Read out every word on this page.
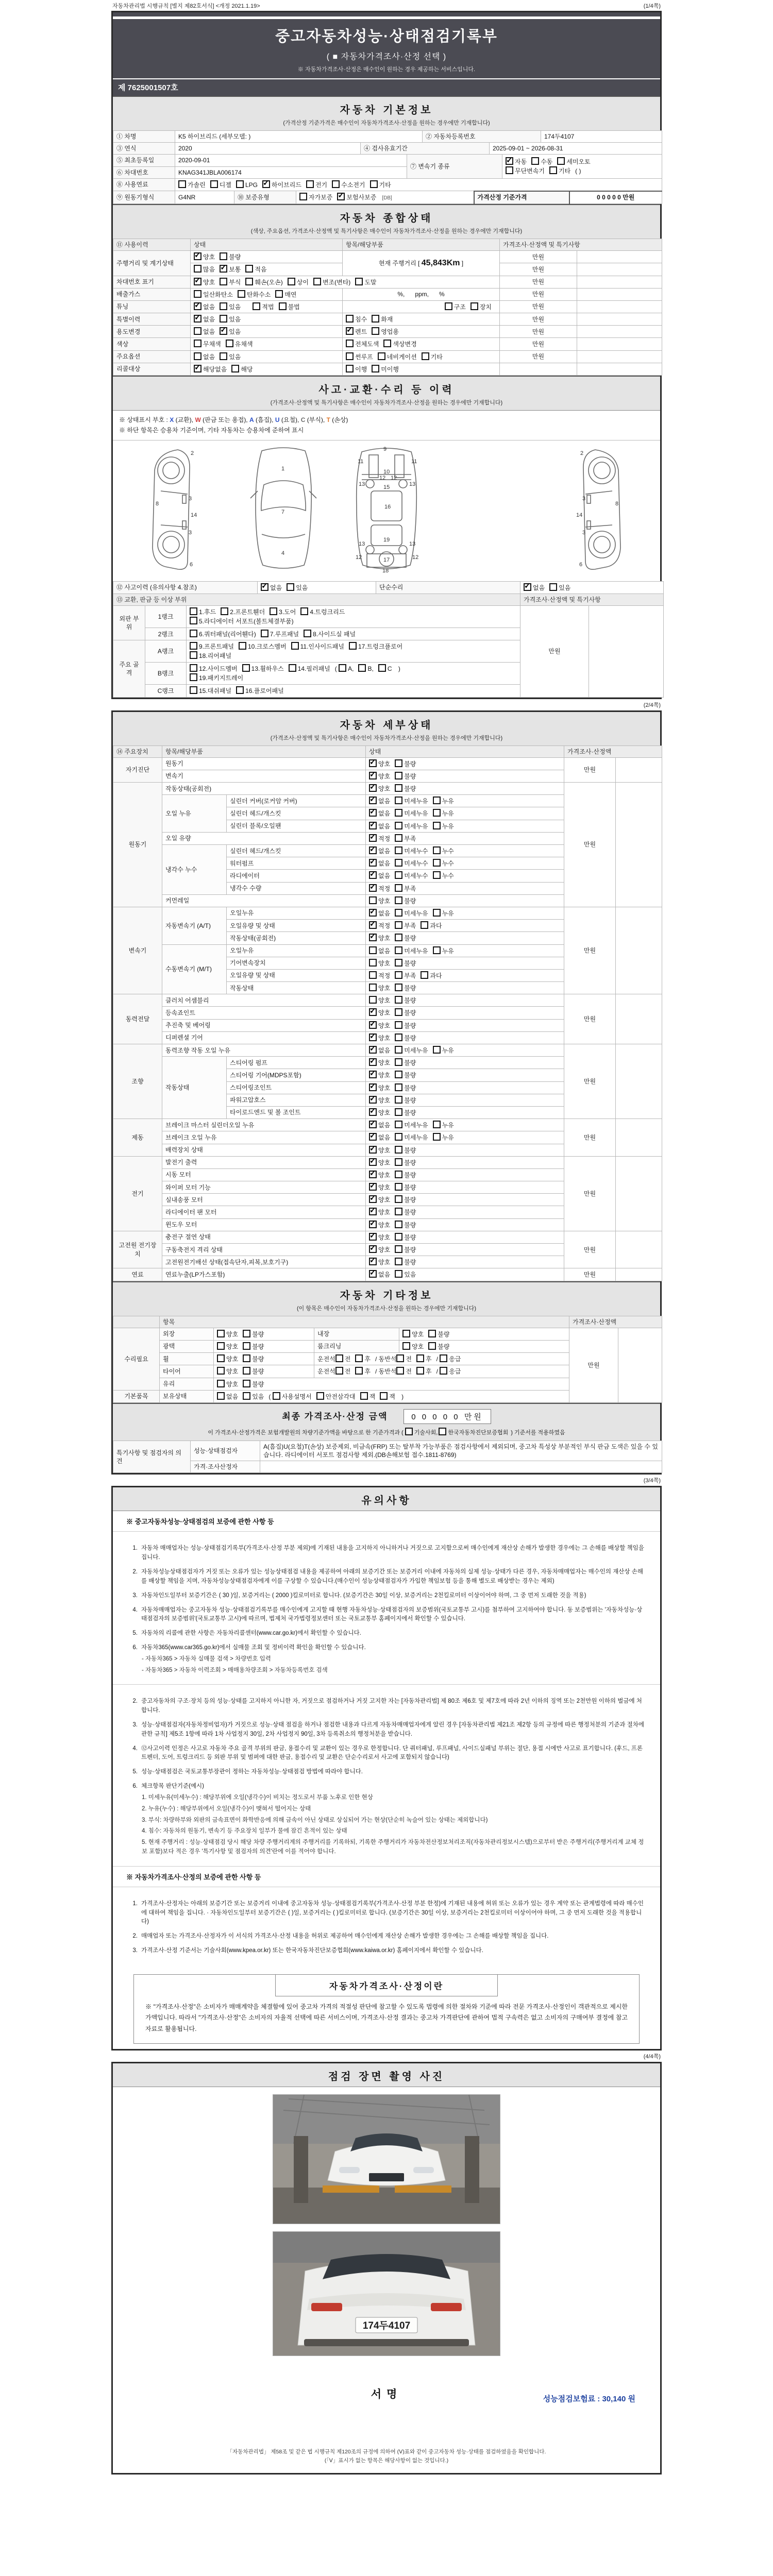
자동차관리법 시행규칙 [별지 제82호서식] <개정 2021.1.19>	(1/4쪽)
중고자동차성능·상태점검기록부
( ■ 자동차가격조사·산정 선택 )
※ 자동차가격조사·산정은 매수인이 원하는 경우 제공하는 서비스입니다.
제 7625001507호
자동차 기본정보
(가격산정 기준가격은 매수인이 자동차가격조사·산정을 원하는 경우에만 기재합니다)
① 차명	K5 하이브리드 (세부모델: )	② 자동차등록번호	174두4107
③ 연식	2020	④ 검사유효기간	2025-09-01 ~ 2026-08-31
⑤ 최초등록일	2020-09-01	⑦ 변속기 종류	
✓자동 수동 세미오토
무단변속기 기타 ( )

⑥ 차대번호	KNAG341JBLA006174		
⑧ 사용연료	가솔린 디젤 LPG ✓ 하이브리드 전기 수소전기 기타
⑨ 원동기형식	G4NR	⑩ 보증유형	자가보증 ✓ 보험사보증 [DB]	가격산정 기준가격	0 0 0 0 0 만원
자동차 종합상태
(색상, 주요옵션, 가격조사·산정액 및 특기사항은 매수인이 자동차가격조사·산정을 원하는 경우에만 기재합니다)
⑪ 사용이력	상태	항목/해당부품	가격조사·산정액 및 특기사항	
주행거리 및 계기상태	✓양호 불량	현재 주행거리 [ 45,843Km ]	만원	
	많음 ✓ 보통 적음		만원	
차대번호 표기	✓양호 부식 훼손(오손) 상이 변조(변타) 도말		만원	
배출가스	일산화탄소 탄화수소 매연	%,      ppm,      %	만원	
튜닝	✓없음 있음 적법 불법	구조 장치	만원	
특별이력	✓없음 있음	침수 화재	만원	
용도변경	없음 ✓ 있음	✓렌트 영업용	만원	
색상	무채색 유채색	전체도색 색상변경	만원	
주요옵션	없음 있음	썬루프 네비게이션 기타	만원	
리콜대상	✓해당없음 해당	이행 미이행		
사고·교환·수리 등 이력
(가격조사·산정액 및 특기사항은 매수인이 자동차가격조사·산정을 원하는 경우에만 기재합니다)
※ 상태표시 부호 : X (교환), W (판금 또는 용접), A (흠집), U (요철), C (부식), T (손상)
※ 하단 항목은 승용차 기준이며, 기타 자동차는 승용차에 준하여 표시
2
3
3
8
14
6
1
7
4
9
11	11
13	13
12 12
10
15
16
13	13
19
12	12
17
18
2
3
3
8
14
6
⑫ 사고이력 (유의사항 4.참조)	✓없음 있음	단순수리	✓없음 있음
⑬ 교환, 판금 등 이상 부위			가격조사·산정액 및 특기사항	
외판 부위	1랭크	1.후드 2.프론트휀더 3.도어 4.트렁크리드
5.라디에이터 서포트(볼트체결부품)	만원	
	2랭크	6.쿼터패널(리어휀다) 7.루프패널 8.사이드실 패널		
주요 골격	A랭크	9.프론트패널 10.크로스멤버 11.인사이드패널 17.트렁크플로어
18.리어패널		

	B랭크	12.사이드멤버 13.휠하우스 14.필러패널 ( A, B, C )
19.패키지트레이		

	C랭크	15.대쉬패널 16.플로어패널		
(2/4쪽)
자동차 세부상태
(가격조사·산정액 및 특기사항은 매수인이 자동차가격조사·산정을 원하는 경우에만 기재합니다)
⑭ 주요장치	항목/해당부품		상태	가격조사·산정액	
자기진단	원동기	✓양호 불량	만원	
	변속기	✓양호 불량
원동기	작동상태(공회전)	✓양호 불량	만원	
	오일 누유	실린더 커버(로커암 커버)	✓없음 미세누유 누유
		실린더 헤드/개스킷	✓없음 미세누유 누유
		실린더 블록/오일팬	✓없음 미세누유 누유
	오일 유량	✓적정 부족
	냉각수 누수	실린더 헤드/개스킷	✓없음 미세누수 누수
		워터펌프	✓없음 미세누수 누수
		라디에이터	✓없음 미세누수 누수
		냉각수 수량	✓적정 부족
	커먼레일		양호 불량		
변속기	자동변속기 (A/T)	오일누유	✓없음 미세누유 누유	만원	
		오일유량 및 상태	✓적정 부족 과다
		작동상태(공회전)	✓양호 불량
	수동변속기 (M/T)	오일누유	없음 미세누유 누유		
		기어변속장치	양호 불량		
		오일유량 및 상태	적정 부족 과다		
		작동상태	양호 불량		
동력전달	클러치 어셈블리		양호 불량	만원	
	등속죠인트	✓양호 불량
	추진축 및 베어링	✓양호 불량
	디퍼렌셜 기어	✓양호 불량
조향	동력조향 작동 오일 누유	✓없음 미세누유 누유	만원	
	작동상태	스티어링 펌프	✓양호 불량
		스티어링 기어(MDPS포함)	✓양호 불량
		스티어링조인트	✓양호 불량
		파워고압호스	✓양호 불량
		타이로드엔드 및 볼 조인트	✓양호 불량
제동	브레이크 마스터 실린더오일 누유	✓없음 미세누유 누유	만원	
	브레이크 오일 누유	✓없음 미세누유 누유
	배력장치 상태	✓양호 불량
전기	발전기 출력	✓양호 불량	만원	
	시동 모터	✓양호 불량
	와이퍼 모터 기능	✓양호 불량
	실내송풍 모터	✓양호 불량
	라디에이터 팬 모터	✓양호 불량
	윈도우 모터	✓양호 불량
고전원 전기장치	충전구 절연 상태	✓양호 불량	만원	
	구동축전지 격리 상태	✓양호 불량
	고전원전기배선 상태(접속단자,피복,보호기구)	✓양호 불량
연료	연료누출(LP가스포함)	✓없음 있음	만원	
자동차 기타정보
(이 항목은 매수인이 자동차가격조사·산정을 원하는 경우에만 기재합니다)
	항목				가격조사·산정액	
수리필요	외장	양호 불량	내장	양호 불량	만원	
	광택	양호 불량	룸크리닝	양호 불량		
	휠	양호 불량	운전석 전 후 / 동반석 전 후 / 응급			
	타이어	양호 불량	운전석 전 후 / 동반석 전 후 / 응급			
	유리	양호 불량				
기본품목	보유상태	없음 있음 ( 사용설명서 안전삼각대 잭 잭 )				
최종 가격조사·산정 금액	0 0 0 0 0 만원
이 가격조사·산정가격은 보험개발원의 차량기준가액을 바탕으로 한 기준가격과 ( 기술사회, 한국자동차진단보증협회 ) 기준서를 적용하였음
특기사항 및 점검자의 의견	성능·상태점검자	A(흠집)U(요철)T(손상) 보증제외, 비금속(FRP) 또는 탈부착 가능부품은 점검사항에서 제외되며, 중고차 특성상 부분적인 부식 판금 도색은 있을 수 있습니다. 라디에이터 서포트 점검사항 제외.(DB손해보험 접수.1811-8769)
	가격·조사산정자	
(3/4쪽)
유의사항
※ 중고자동차성능·상태점검의 보증에 관한 사항 등
1. 자동차 매매업자는 성능·상태점검기록부(가격조사·산정 부분 제외)에 기재된 내용을 고지하지 아니하거나 거짓으로 고지함으로써 매수인에게 재산상 손해가 발생한 경우에는 그 손해를 배상할 책임을 집니다.
2. 자동차성능상태점검자가 거짓 또는 오류가 있는 성능상태점검 내용을 제공하여 아래의 보증기간 또는 보증거리 이내에 자동차의 실제 성능·상태가 다른 경우, 자동차매매업자는 매수인의 재산상 손해를 배상할 책임을 지며, 자동차성능상태점검자에게 이를 구상할 수 있습니다.(매수인이 성능상태점검자가 가입한 책임보험 등을 통해 별도로 배상받는 경우는 제외)
3. 자동차인도일부터 보증기간은 ( 30 )일, 보증거리는 ( 2000 )킬로미터로 합니다. (보증기간은 30일 이상, 보증거리는 2천킬로미터 이상이어야 하며, 그 중 먼저 도래한 것을 적용)
4. 자동차매매업자는 중고자동차 성능·상태점검기록부를 매수인에게 고지할 때 현행 자동차성능·상태점검자의 보증범위(국토교통부 고시)를 첨부하여 고지하여야 합니다. 동 보증범위는 '자동차성능·상태점검자의 보증범위'(국토교통부 고시)에 따르며, 법제처 국가법령정보센터 또는 국토교통부 홈페이지에서 확인할 수 있습니다.
5. 자동차의 리콜에 관한 사항은 자동차리콜센터(www.car.go.kr)에서 확인할 수 있습니다.
6. 자동차365(www.car365.go.kr)에서 실매물 조회 및 정비이력 확인을 확인할 수 있습니다.
- 자동차365 > 자동차 실매물 검색 > 차량번호 입력
- 자동차365 > 자동차 이력조회 > 매매용차량조회 > 자동차등록번호 검색
2. 중고자동차의 구조·장치 등의 성능·상태를 고지하지 아니한 자, 거짓으로 점검하거나 거짓 고지한 자는 [자동차관리법] 제 80조 제6호 및 제7호에 따라 2년 이하의 징역 또는 2천만원 이하의 벌금에 처합니다.
3. 성능·상태점검자(자동차정비업자)가 거짓으로 성능·상태 점검을 하거나 점검한 내용과 다르게 자동차매매업자에게 알린 경우 [자동차관리법 제21조 제2항 등의 규정에 따른 행정처분의 기준과 절차에 관한 규칙] 제5조 1항에 따라 1차 사업정지 30일, 2차 사업정지 90일, 3차 등록취소의 행정처분을 받습니다.
4. ⑫사고이력 인정은 사고로 자동차 주요 골격 부위의 판금, 용접수리 및 교환이 있는 경우로 한정합니다. 단 쿼터패널, 루프패널, 사이드실패널 부위는 절단, 용접 시에만 사고로 표기합니다. (후드, 프론트펜더, 도어, 트렁크리드 등 외판 부위 및 범퍼에 대한 판금, 용접수리 및 교환은 단순수리로서 사고에 포함되지 않습니다)
5. 성능·상태점검은 국토교통부장관이 정하는 자동차성능·상태점검 방법에 따라야 합니다.
6. 체크항목 판단기준(예시)
1. 미세누유(미세누수) : 해당부위에 오일(냉각수)이 비치는 정도로서 부품 노후로 인한 현상
2. 누유(누수) : 해당부위에서 오일(냉각수)이 맺혀서 떨어지는 상태
3. 부식: 차량하부와 외판의 금속표면이 화학반응에 의해 금속이 아닌 상태로 상실되어 가는 현상(단순히 녹슬어 있는 상태는 제외합니다)
4. 침수: 자동차의 원동기, 변속기 등 주요장치 일부가 물에 잠긴 흔적이 있는 상태
5. 현재 주행거리 : 성능·상태점검 당시 해당 차량 주행거리계의 주행거리를 기록하되, 기록한 주행거리가 자동차전산정보처리조직(자동차관리정보시스템)으로부터 받은 주행거리(주행거리계 교체 정보 포함)보다 적은 경우 '특기사항 및 점검자의 의견'란에 이를 적어야 합니다.
※ 자동차가격조사·산정의 보증에 관한 사항 등
1. 가격조사·산정자는 아래의 보증기간 또는 보증거리 이내에 중고자동차 성능·상태점검기록부(가격조사·산정 부분 한정)에 기재된 내용에 허위 또는 오류가 있는 경우 계약 또는 관계법령에 따라 매수인에 대하여 책임을 집니다. · 자동차인도일부터 보증기간은 ( )일, 보증거리는 ( )킬로미터로 합니다. (보증기간은 30일 이상, 보증거리는 2천킬로미터 이상이어야 하며, 그 중 먼저 도래한 것을 적용합니다)
2. 매매업자 또는 가격조사·산정자가 이 서식의 가격조사·산정 내용을 허위로 제공하여 매수인에게 재산상 손해가 발생한 경우에는 그 손해를 배상할 책임을 집니다.
3. 가격조사·산정 기준서는 기술사회(www.kpea.or.kr) 또는 한국자동차진단보증협회(www.kaiwa.or.kr) 홈페이지에서 확인할 수 있습니다.
자동차가격조사·산정이란
※ "가격조사·산정"은 소비자가 매매계약을 체결함에 있어 중고차 가격의 적절성 판단에 참고할 수 있도록 법령에 의한 절차와 기준에 따라 전문 가격조사·산정인이 객관적으로 제시한 가액입니다. 따라서 "가격조사·산정"은 소비자의 자율적 선택에 따른 서비스이며, 가격조사·산정 결과는 중고차 가격판단에 관하여 법적 구속력은 없고 소비자의 구매여부 결정에 참고자료로 활용됩니다.
(4/4쪽)
점검 장면 촬영 사진
174두4107
서명	성능점검보험료 : 30,140 원
「자동차관리법」 제58조 및 같은 법 시행규칙 제120조의 규정에 의하여 (Ⅴ)표와 같이 중고자동차 성능·상태를 점검하였음을 확인합니다.
(「Ⅴ」표시가 없는 항목은 해당사항이 없는 것입니다.)
